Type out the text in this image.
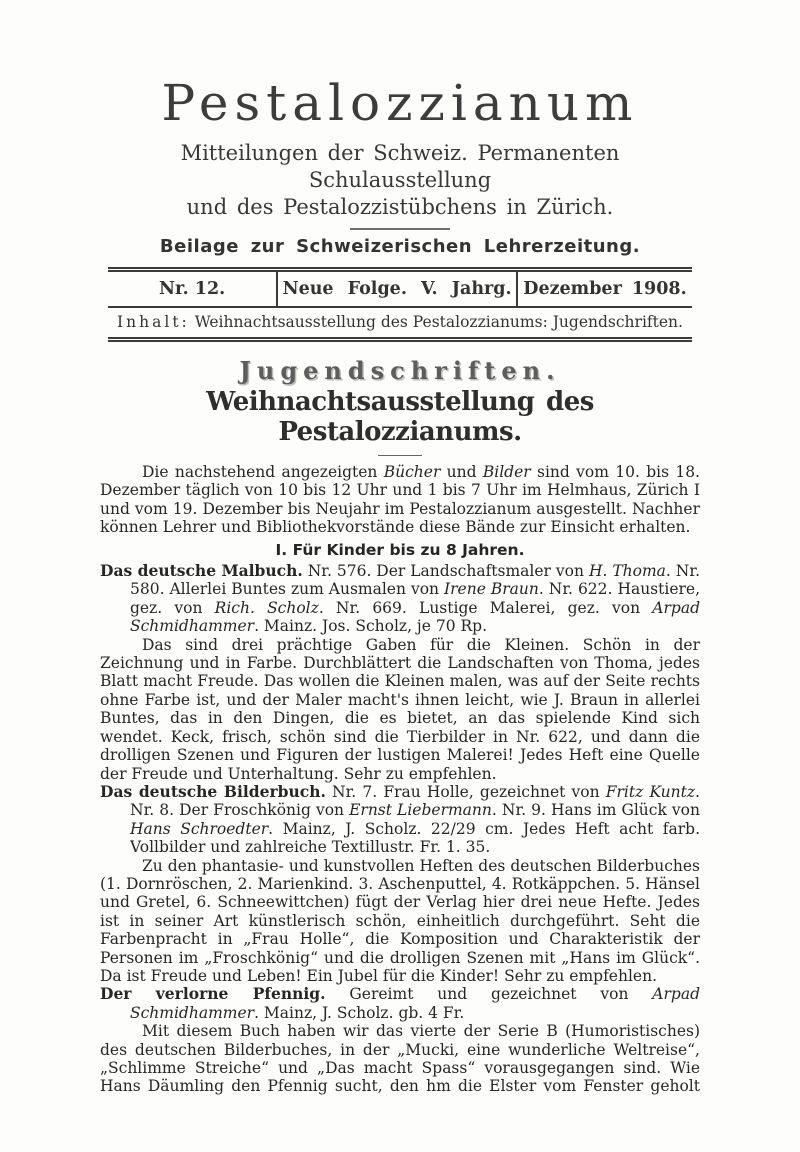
Pestalozzianum

Mitteilungen der Schweiz. Permanenten Schulausstellung

und des Pestalozzistübchens in Zürich.

Beilage zur Schweizerischen Lehrerzeitung.

Nr. 12.	Neue Folge. V. Jahrg. Dezember 1908.
Inhalt: Weihnachtsausstellung des Pestalozzianums: Jugendschriften.
Jugendschriften.
Weihnachtsausstellung des Pestalozzianums.

Die nachstehend angezeigten Bücher und Bilder sind vom 10. bis 18. Dezember täglich von 10 bis 12 Uhr und 1 bis 7 Uhr im Helmhaus, Zürich I und vom 19. Dezember bis Neujahr im Pestalozzianum ausgestellt. Nachher können Lehrer und Bibliothekvorstände diese Bände zur Einsicht erhalten.

I. Für Kinder bis zu 8 Jahren.

Das deutsche Malbuch. Nr. 576. Der Landschaftsmaler von H. Thoma. Nr. 580. Allerlei Buntes zum Ausmalen von Irene Braun. Nr. 622. Haustiere, gez. von Rich. Scholz. Nr. 669. Lustige Malerei, gez. von Arpad Schmidhammer. Mainz. Jos. Scholz, je 70 Rp.

Das sind drei prächtige Gaben für die Kleinen. Schön in der Zeichnung und in Farbe. Durchblättert die Landschaften von Thoma, jedes Blatt macht Freude. Das wollen die Kleinen malen, was auf der Seite rechts ohne Farbe ist, und der Maler macht's ihnen leicht, wie J. Braun in allerlei Buntes, das in den Dingen, die es bietet, an das spielende Kind sich wendet. Keck, frisch, schön sind die Tierbilder in Nr. 622, und dann die drolligen Szenen und Figuren der lustigen Malerei! Jedes Heft eine Quelle der Freude und Unterhaltung. Sehr zu empfehlen.

Das deutsche Bilderbuch. Nr. 7. Frau Holle, gezeichnet von Fritz Kuntz. Nr. 8. Der Froschkönig von Ernst Liebermann. Nr. 9. Hans im Glück von Hans Schroedter. Mainz, J. Scholz. 22/29 cm. Jedes Heft acht farb. Vollbilder und zahlreiche Textillustr. Fr. 1. 35.

Zu den phantasie- und kunstvollen Heften des deutschen Bilderbuches (1. Dornröschen, 2. Marienkind. 3. Aschenputtel, 4. Rotkäppchen. 5. Hänsel und Gretel, 6. Schneewittchen) fügt der Verlag hier drei neue Hefte. Jedes ist in seiner Art künstlerisch schön, einheitlich durchgeführt. Seht die Farbenpracht in „Frau Holle“, die Komposition und Charakteristik der Personen im „Froschkönig“ und die drolligen Szenen mit „Hans im Glück“. Da ist Freude und Leben! Ein Jubel für die Kinder! Sehr zu empfehlen.

Der verlorne Pfennig. Gereimt und gezeichnet von Arpad Schmidhammer. Mainz, J. Scholz. gb. 4 Fr.

Mit diesem Buch haben wir das vierte der Serie B (Humoristisches) des deutschen Bilderbuches, in der „Mucki, eine wunderliche Weltreise“, „Schlimme Streiche“ und „Das macht Spass“ vorausgegangen sind. Wie Hans Däumling den Pfennig sucht, den hm die Elster vom Fenster geholt
